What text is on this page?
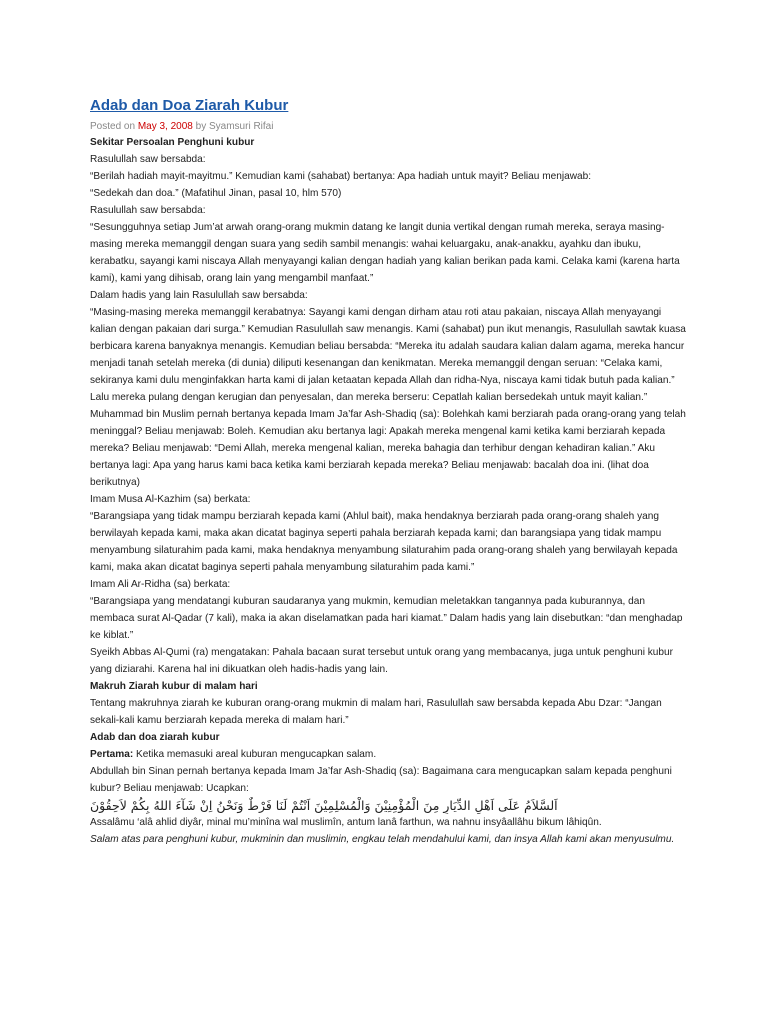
Adab dan Doa Ziarah Kubur
Posted on May 3, 2008 by Syamsuri Rifai

Sekitar Persoalan Penghuni kubur

Rasulullah saw bersabda:

“Berilah hadiah mayit-mayitmu.” Kemudian kami (sahabat) bertanya: Apa hadiah untuk mayit? Beliau menjawab:

“Sedekah dan doa.” (Mafatihul Jinan, pasal 10, hlm 570)

Rasulullah saw bersabda:

“Sesungguhnya setiap Jum’at arwah orang-orang mukmin datang ke langit dunia vertikal dengan rumah mereka, seraya masing-masing mereka memanggil dengan suara yang sedih sambil menangis: wahai keluargaku, anak-anakku, ayahku dan ibuku, kerabatku, sayangi kami niscaya Allah menyayangi kalian dengan hadiah yang kalian berikan pada kami. Celaka kami (karena harta kami), kami yang dihisab, orang lain yang mengambil manfaat.”

Dalam hadis yang lain Rasulullah saw bersabda:

“Masing-masing mereka memanggil kerabatnya: Sayangi kami dengan dirham atau roti atau pakaian, niscaya Allah menyayangi kalian dengan pakaian dari surga.” Kemudian Rasulullah saw menangis. Kami (sahabat) pun ikut menangis, Rasulullah sawtak kuasa berbicara karena banyaknya menangis. Kemudian beliau bersabda: “Mereka itu adalah saudara kalian dalam agama, mereka hancur menjadi tanah setelah mereka (di dunia) diliputi kesenangan dan kenikmatan. Mereka memanggil dengan seruan: “Celaka kami, sekiranya kami dulu menginfakkan harta kami di jalan ketaatan kepada Allah dan ridha-Nya, niscaya kami tidak butuh pada kalian.” Lalu mereka pulang dengan kerugian dan penyesalan, dan mereka berseru: Cepatlah kalian bersedekah untuk mayit kalian.”

Muhammad bin Muslim pernah bertanya kepada Imam Ja’far Ash-Shadiq (sa): Bolehkah kami berziarah pada orang-orang yang telah meninggal? Beliau menjawab: Boleh. Kemudian aku bertanya lagi: Apakah mereka mengenal kami ketika kami berziarah kepada mereka? Beliau menjawab: “Demi Allah, mereka mengenal kalian, mereka bahagia dan terhibur dengan kehadiran kalian.” Aku bertanya lagi: Apa yang harus kami baca ketika kami berziarah kepada mereka? Beliau menjawab: bacalah doa ini. (lihat doa berikutnya)

Imam Musa Al-Kazhim (sa) berkata:

“Barangsiapa yang tidak mampu berziarah kepada kami (Ahlul bait), maka hendaknya berziarah pada orang-orang shaleh yang berwilayah kepada kami, maka akan dicatat baginya seperti pahala berziarah kepada kami; dan barangsiapa yang tidak mampu menyambung silaturahim pada kami, maka hendaknya menyambung silaturahim pada orang-orang shaleh yang berwilayah kepada kami, maka akan dicatat baginya seperti pahala menyambung silaturahim pada kami.”

Imam Ali Ar-Ridha (sa) berkata:

“Barangsiapa yang mendatangi kuburan saudaranya yang mukmin, kemudian meletakkan tangannya pada kuburannya, dan membaca surat Al-Qadar (7 kali), maka ia akan diselamatkan pada hari kiamat.” Dalam hadis yang lain disebutkan: “dan menghadap ke kiblat.”

Syeikh Abbas Al-Qumi (ra) mengatakan: Pahala bacaan surat tersebut untuk orang yang membacanya, juga untuk penghuni kubur yang diziarahi. Karena hal ini dikuatkan oleh hadis-hadis yang lain.

Makruh Ziarah kubur di malam hari

Tentang makruhnya ziarah ke kuburan orang-orang mukmin di malam hari, Rasulullah saw bersabda kepada Abu Dzar: “Jangan sekali-kali kamu berziarah kepada mereka di malam hari.”

Adab dan doa ziarah kubur

Pertama: Ketika memasuki areal kuburan mengucapkan salam.

Abdullah bin Sinan pernah bertanya kepada Imam Ja’far Ash-Shadiq (sa): Bagaimana cara mengucapkan salam kepada penghuni kubur? Beliau menjawab: Ucapkan:

اَلسَّلاَمُ عَلَى اَهْلِ الدِّيَارِ مِنَ الْمُؤْمِنِيْنَ وَالْمُسْلِمِيْنَ اَنْتُمْ لَنَا فَرْطٌ وَنَحْنُ اِنْ شَآءَ اللهُ بِكُمْ لاَحِقُوْنَ

Assalâmu ‘alâ ahlid diyâr, minal mu’minîna wal muslimîn, antum lanâ farthun, wa nahnu insyâallâhu bikum lâhiqûn.

Salam atas para penghuni kubur, mukminin dan muslimin, engkau telah mendahului kami, dan insya Allah kami akan menyusulmu.
